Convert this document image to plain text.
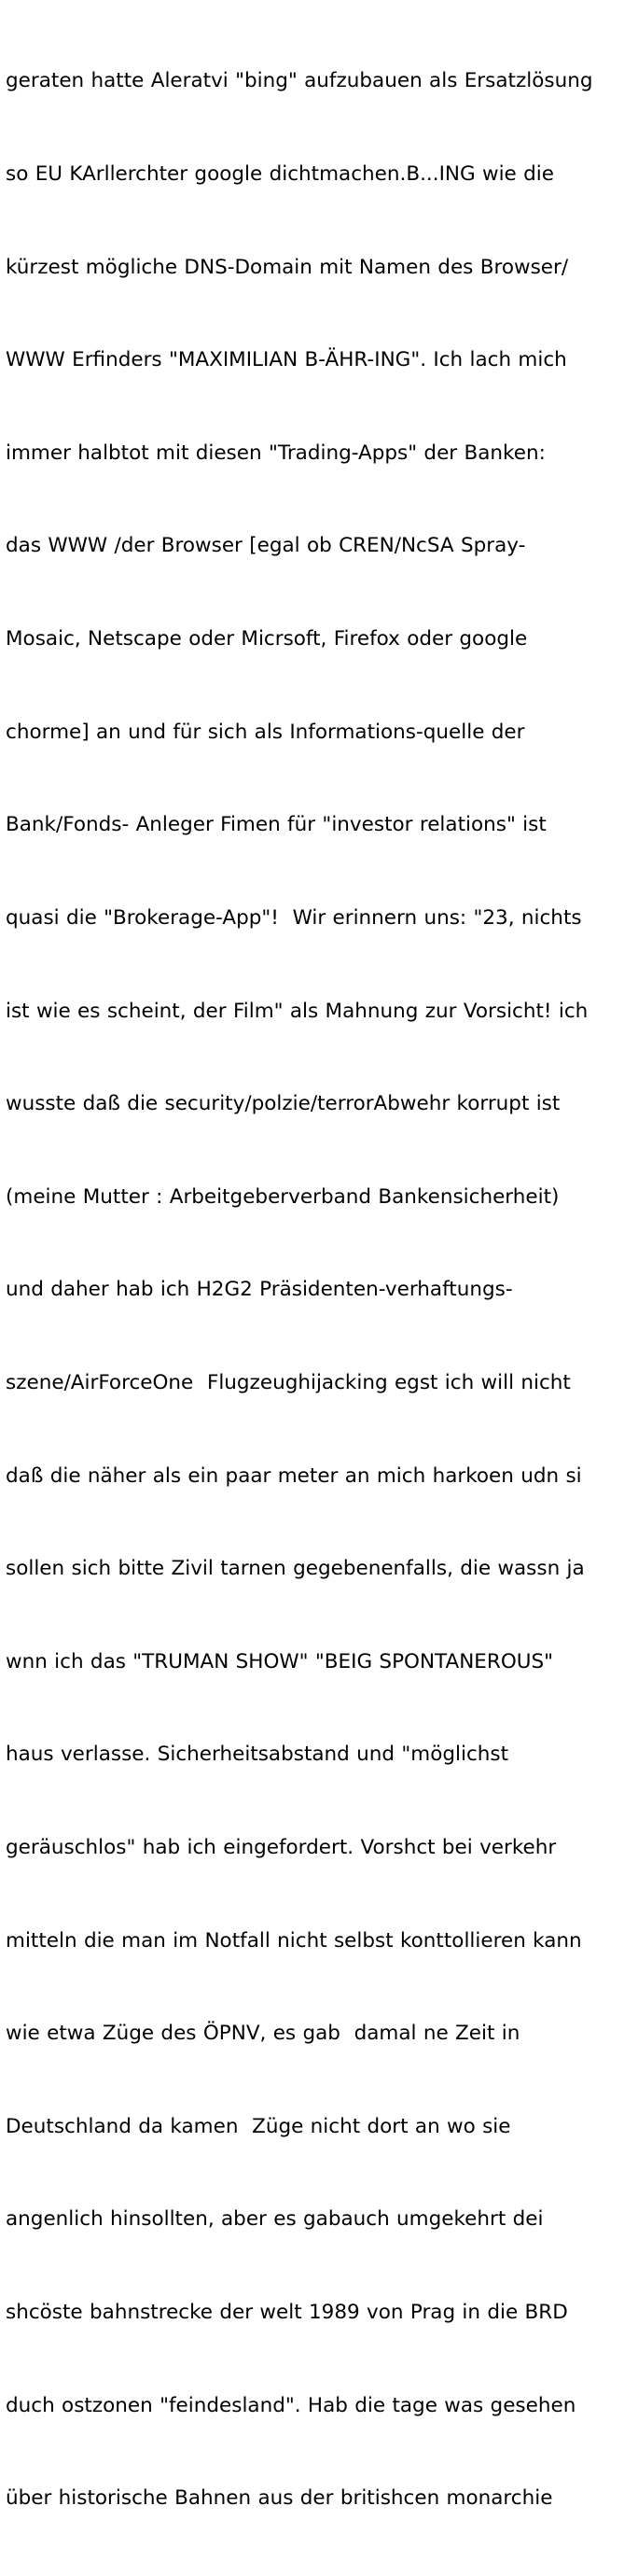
geraten hatte Aleratvi "bing" aufzubauen als Ersatzlösung

so EU KArllerchter google dichtmachen.B...ING wie die

kürzest mögliche DNS-Domain mit Namen des Browser/

WWW Erfinders "MAXIMILIAN B-ÄHR-ING". Ich lach mich

immer halbtot mit diesen "Trading-Apps" der Banken:

das WWW /der Browser [egal ob CREN/NcSA Spray-

Mosaic, Netscape oder Micrsoft, Firefox oder google

chorme] an und für sich als Informations-quelle der

Bank/Fonds- Anleger Fimen für "investor relations" ist

quasi die "Brokerage-App"!  Wir erinnern uns: "23, nichts

ist wie es scheint, der Film" als Mahnung zur Vorsicht! ich

wusste daß die security/polzie/terrorAbwehr korrupt ist

(meine Mutter : Arbeitgeberverband Bankensicherheit)

und daher hab ich H2G2 Präsidenten-verhaftungs-

szene/AirForceOne  Flugzeughijacking egst ich will nicht

daß die näher als ein paar meter an mich harkoen udn si

sollen sich bitte Zivil tarnen gegebenenfalls, die wassn ja

wnn ich das "TRUMAN SHOW" "BEIG SPONTANEROUS"

haus verlasse. Sicherheitsabstand und "möglichst

geräuschlos" hab ich eingefordert. Vorshct bei verkehr

mitteln die man im Notfall nicht selbst konttollieren kann

wie etwa Züge des ÖPNV, es gab  damal ne Zeit in

Deutschland da kamen  Züge nicht dort an wo sie

angenlich hinsollten, aber es gabauch umgekehrt dei

shcöste bahnstrecke der welt 1989 von Prag in die BRD

duch ostzonen "feindesland". Hab die tage was gesehen

über historische Bahnen aus der britishcen monarchie
